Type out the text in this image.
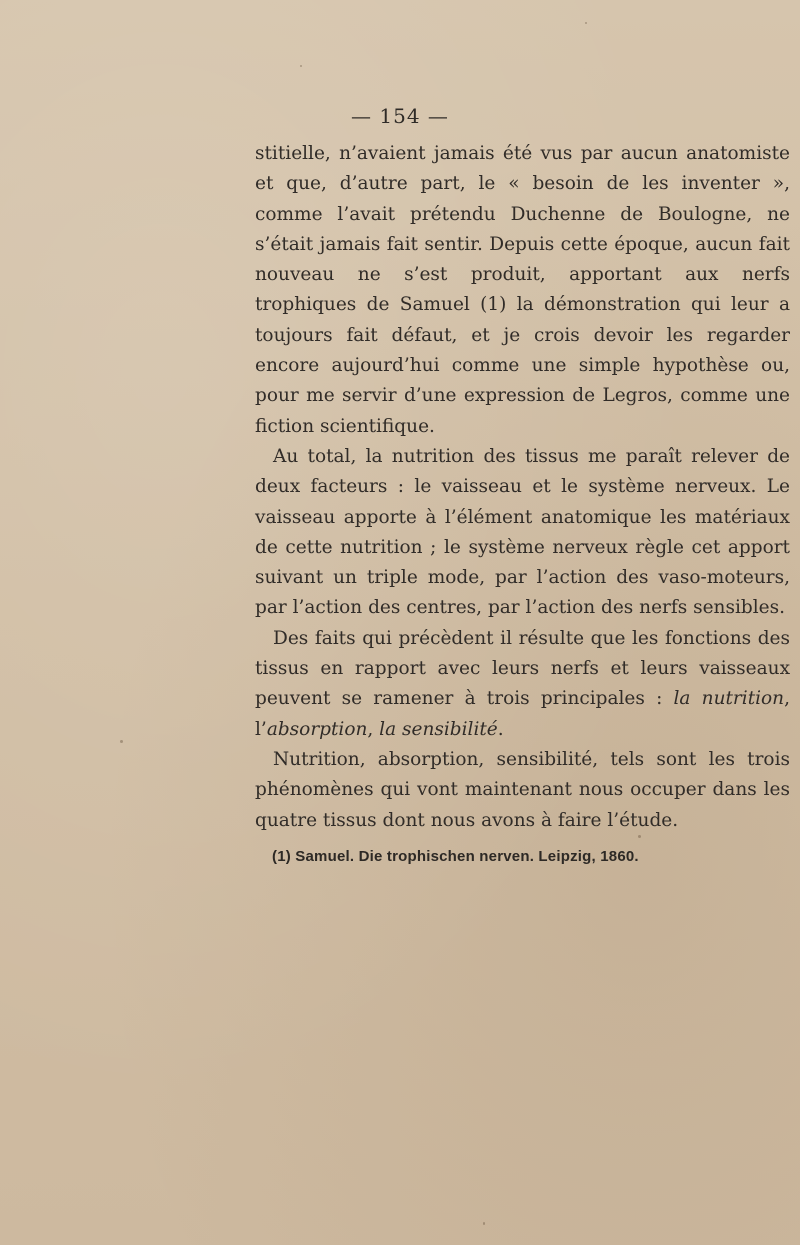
— 154 —

stitielle, n’avaient jamais été vus par aucun anatomiste et que, d’autre part, le « besoin de les inventer », comme l’avait prétendu Duchenne de Boulogne, ne s’était jamais fait sentir. Depuis cette époque, aucun fait nouveau ne s’est produit, apportant aux nerfs trophiques de Samuel (1) la démonstration qui leur a toujours fait défaut, et je crois devoir les regarder encore aujourd’hui comme une simple hypothèse ou, pour me servir d’une expression de Legros, comme une fiction scientifique.

Au total, la nutrition des tissus me paraît relever de deux facteurs : le vaisseau et le système nerveux. Le vaisseau apporte à l’élément anatomique les matériaux de cette nutrition ; le système nerveux règle cet apport suivant un triple mode, par l’action des vaso-moteurs, par l’action des centres, par l’action des nerfs sensibles.

Des faits qui précèdent il résulte que les fonctions des tissus en rapport avec leurs nerfs et leurs vaisseaux peuvent se ramener à trois principales : la nutrition, l’absorption, la sensibilité.

Nutrition, absorption, sensibilité, tels sont les trois phénomènes qui vont maintenant nous occuper dans les quatre tissus dont nous avons à faire l’étude.

(1) Samuel. Die trophischen nerven. Leipzig, 1860.
